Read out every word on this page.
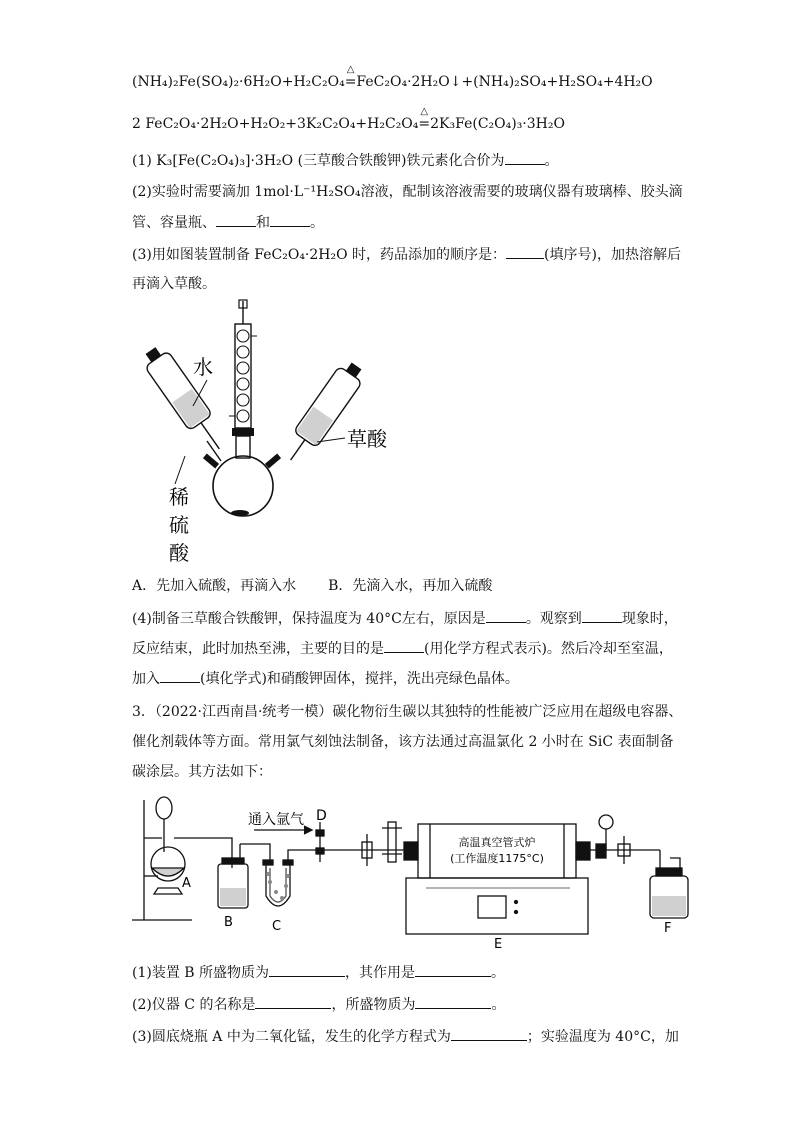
(NH₄)₂Fe(SO₄)₂·6H₂O+H₂C₂O₄
△
=FeC₂O₄·2H₂O↓+(NH₄)₂SO₄+H₂SO₄+4H₂O
2 FeC₂O₄·2H₂O+H₂O₂+3K₂C₂O₄+H₂C₂O₄
△
=2K₃Fe(C₂O₄)₃·3H₂O
(1) K₃[Fe(C₂O₄)₃]·3H₂O (三草酸合铁酸钾)铁元素化合价为	。
(2)实验时需要滴加 1mol·L⁻¹H₂SO₄溶液，配制该溶液需要的玻璃仪器有玻璃棒、胶头滴
管、容量瓶、	和	。
(3)用如图装置制备 FeC₂O₄·2H₂O 时，药品添加的顺序是：	(填序号)，加热溶解后
再滴入草酸。
水
草酸
稀
硫
酸
A．先加入硫酸，再滴入水 B．先滴入水，再加入硫酸
(4)制备三草酸合铁酸钾，保持温度为 40°C左右，原因是	。观察到	现象时，
反应结束，此时加热至沸，主要的目的是	(用化学方程式表示)。然后冷却至室温，
加入	(填化学式)和硝酸钾固体，搅拌，洗出亮绿色晶体。
3．（2022·江西南昌·统考一模）碳化物衍生碳以其独特的性能被广泛应用在超级电容器、
催化剂载体等方面。常用氯气刻蚀法制备，该方法通过高温氯化 2 小时在 SiC 表面制备
碳涂层。其方法如下：
通入氩气 D
A
B	C
E
F
高温真空管式炉
(工作温度1175°C)
(1)装置 B 所盛物质为	，其作用是	。
(2)仪器 C 的名称是	，所盛物质为	。
(3)圆底烧瓶 A 中为二氧化锰，发生的化学方程式为	；实验温度为 40°C，加
